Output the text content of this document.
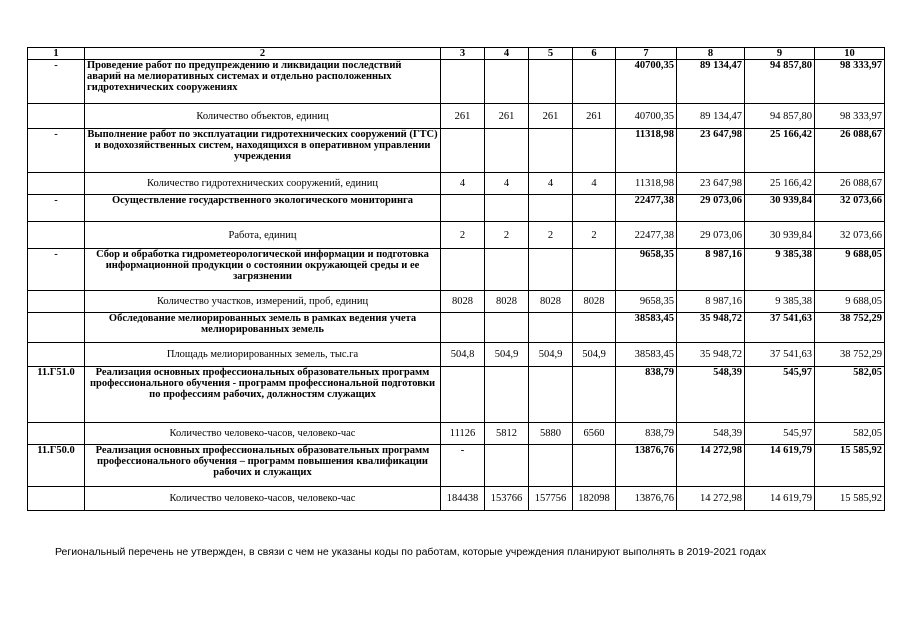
1	2	3	4	5	6	7	8	9	10
-	Проведение работ по предупреждению и ликвидации последствий аварий на мелиоративных системах и отдельно расположенных гидротехнических сооружениях					40700,35	89 134,47	94 857,80	98 333,97
	Количество объектов, единиц	261	261	261	261	40700,35	89 134,47	94 857,80	98 333,97
-	Выполнение работ по эксплуатации гидротехнических сооружений (ГТС) и водохозяйственных систем, находящихся в оперативном управлении учреждения					11318,98	23 647,98	25 166,42	26 088,67
	Количество гидротехнических сооружений, единиц	4	4	4	4	11318,98	23 647,98	25 166,42	26 088,67
-	Осуществление государственного экологического мониторинга					22477,38	29 073,06	30 939,84	32 073,66
	Работа, единиц	2	2	2	2	22477,38	29 073,06	30 939,84	32 073,66
-	Сбор и обработка гидрометеорологической информации и подготовка информационной продукции о состоянии окружающей среды и ее загрязнении					9658,35	8 987,16	9 385,38	9 688,05
	Количество участков, измерений, проб, единиц	8028	8028	8028	8028	9658,35	8 987,16	9 385,38	9 688,05
	Обследование мелиорированных земель в рамках ведения учета мелиорированных земель					38583,45	35 948,72	37 541,63	38 752,29
	Площадь мелиорированных земель, тыс.га	504,8	504,9	504,9	504,9	38583,45	35 948,72	37 541,63	38 752,29
11.Г51.0	Реализация основных профессиональных образовательных программ профессионального обучения - программ профессиональной подготовки по профессиям рабочих, должностям служащих					838,79	548,39	545,97	582,05
	Количество человеко-часов, человеко-час	11126	5812	5880	6560	838,79	548,39	545,97	582,05
11.Г50.0	Реализация основных профессиональных образовательных программ профессионального обучения – программ повышения квалификации рабочих и служащих	-				13876,76	14 272,98	14 619,79	15 585,92
	Количество человеко-часов, человеко-час	184438	153766	157756	182098	13876,76	14 272,98	14 619,79	15 585,92
Региональный перечень не утвержден, в связи с чем не указаны коды по работам, которые учреждения планируют выполнять в 2019-2021 годах
